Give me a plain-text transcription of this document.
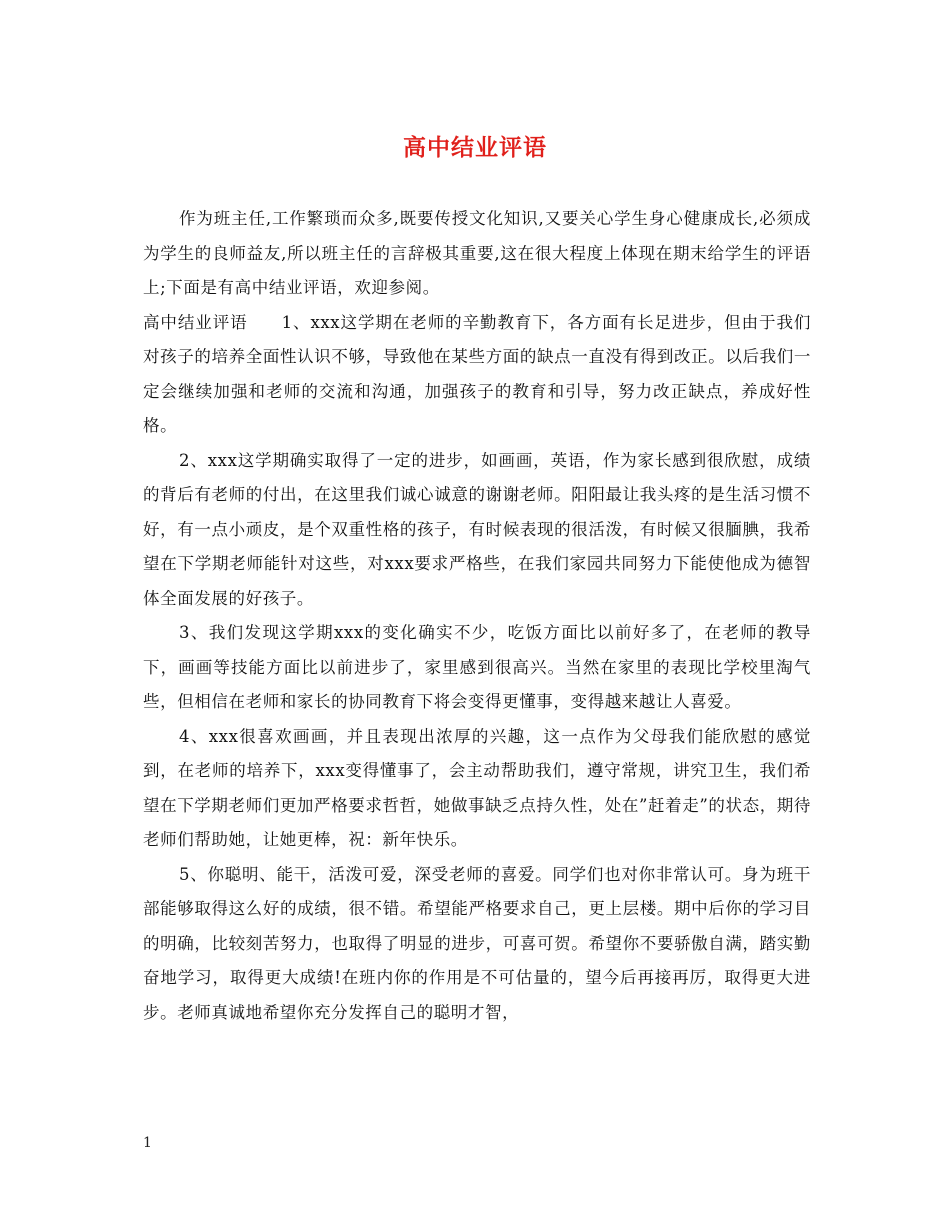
高中结业评语

作为班主任,工作繁琐而众多,既要传授文化知识,又要关心学生身心健康成长,必须成为学生的良师益友,所以班主任的言辞极其重要,这在很大程度上体现在期末给学生的评语上;下面是有高中结业评语，欢迎参阅。

高中结业评语 1、xxx这学期在老师的辛勤教育下，各方面有长足进步，但由于我们对孩子的培养全面性认识不够，导致他在某些方面的缺点一直没有得到改正。以后我们一定会继续加强和老师的交流和沟通，加强孩子的教育和引导，努力改正缺点，养成好性格。

2、xxx这学期确实取得了一定的进步，如画画，英语，作为家长感到很欣慰，成绩的背后有老师的付出，在这里我们诚心诚意的谢谢老师。阳阳最让我头疼的是生活习惯不好，有一点小顽皮，是个双重性格的孩子，有时候表现的很活泼，有时候又很腼腆，我希望在下学期老师能针对这些，对xxx要求严格些，在我们家园共同努力下能使他成为德智体全面发展的好孩子。

3、我们发现这学期xxx的变化确实不少，吃饭方面比以前好多了，在老师的教导下，画画等技能方面比以前进步了，家里感到很高兴。当然在家里的表现比学校里淘气些，但相信在老师和家长的协同教育下将会变得更懂事，变得越来越让人喜爱。

4、xxx很喜欢画画，并且表现出浓厚的兴趣，这一点作为父母我们能欣慰的感觉到，在老师的培养下，xxx变得懂事了，会主动帮助我们，遵守常规，讲究卫生，我们希望在下学期老师们更加严格要求哲哲，她做事缺乏点持久性，处在”赶着走”的状态，期待老师们帮助她，让她更棒，祝：新年快乐。

5、你聪明、能干，活泼可爱，深受老师的喜爱。同学们也对你非常认可。身为班干部能够取得这么好的成绩，很不错。希望能严格要求自己，更上层楼。期中后你的学习目的明确，比较刻苦努力，也取得了明显的进步，可喜可贺。希望你不要骄傲自满，踏实勤奋地学习，取得更大成绩!在班内你的作用是不可估量的，望今后再接再厉，取得更大进步。老师真诚地希望你充分发挥自己的聪明才智，

1
